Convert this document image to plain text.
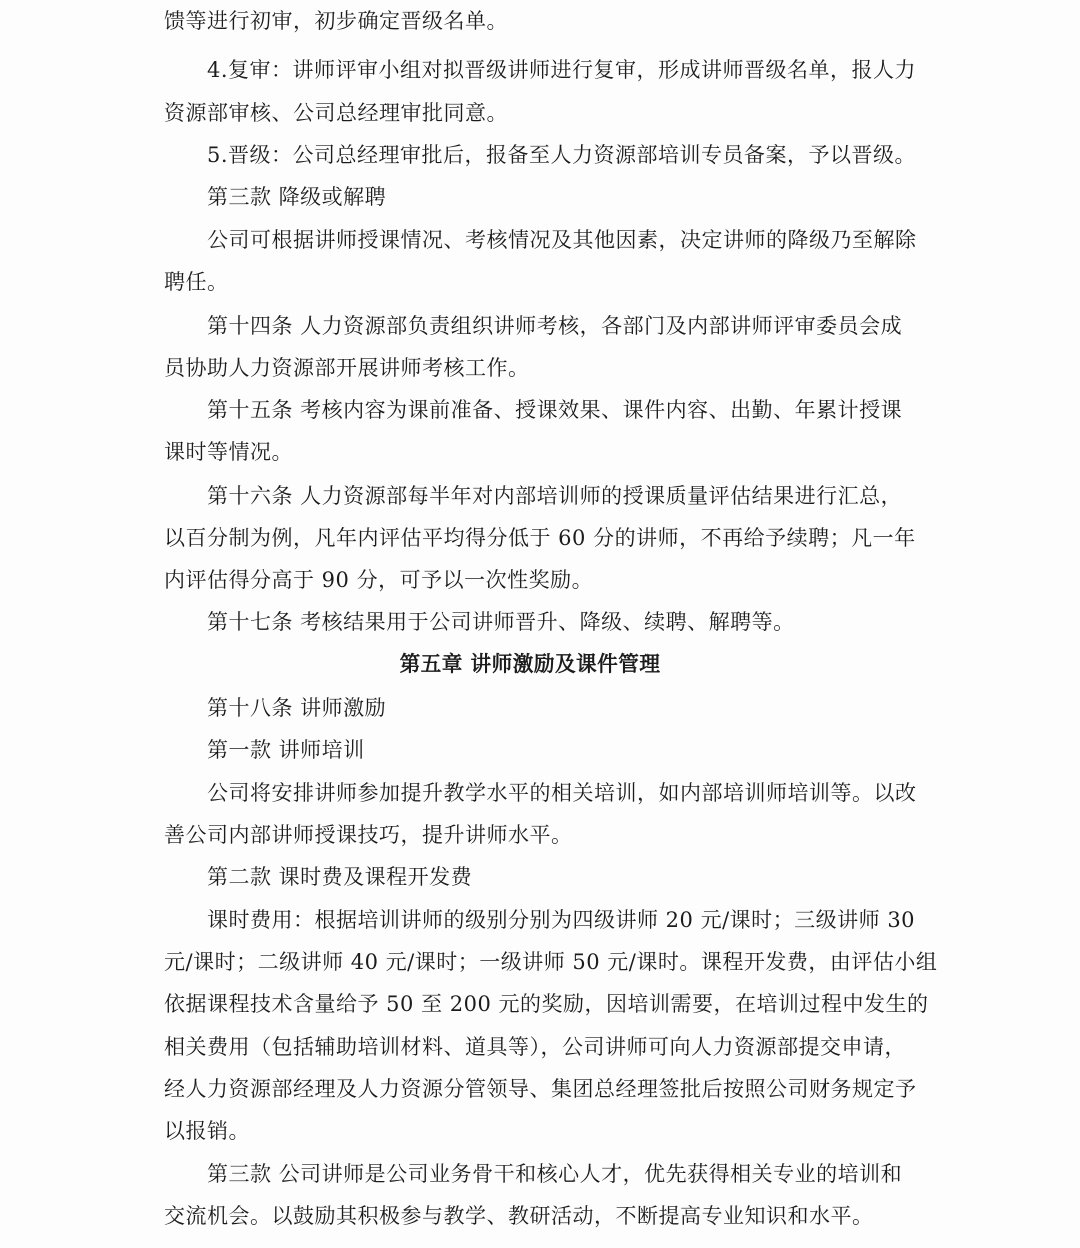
馈等进行初审，初步确定晋级名单。
4.复审：讲师评审小组对拟晋级讲师进行复审，形成讲师晋级名单，报人力
资源部审核、公司总经理审批同意。
5.晋级：公司总经理审批后，报备至人力资源部培训专员备案，予以晋级。
第三款 降级或解聘
公司可根据讲师授课情况、考核情况及其他因素，决定讲师的降级乃至解除
聘任。
第十四条 人力资源部负责组织讲师考核，各部门及内部讲师评审委员会成
员协助人力资源部开展讲师考核工作。
第十五条 考核内容为课前准备、授课效果、课件内容、出勤、年累计授课
课时等情况。
第十六条 人力资源部每半年对内部培训师的授课质量评估结果进行汇总，
以百分制为例，凡年内评估平均得分低于 60 分的讲师，不再给予续聘；凡一年
内评估得分高于 90 分，可予以一次性奖励。
第十七条 考核结果用于公司讲师晋升、降级、续聘、解聘等。
第五章 讲师激励及课件管理
第十八条 讲师激励
第一款 讲师培训
公司将安排讲师参加提升教学水平的相关培训，如内部培训师培训等。以改
善公司内部讲师授课技巧，提升讲师水平。
第二款 课时费及课程开发费
课时费用：根据培训讲师的级别分别为四级讲师 20 元/课时；三级讲师 30
元/课时；二级讲师 40 元/课时；一级讲师 50 元/课时。课程开发费，由评估小组
依据课程技术含量给予 50 至 200 元的奖励，因培训需要，在培训过程中发生的
相关费用（包括辅助培训材料、道具等），公司讲师可向人力资源部提交申请，
经人力资源部经理及人力资源分管领导、集团总经理签批后按照公司财务规定予
以报销。
第三款 公司讲师是公司业务骨干和核心人才，优先获得相关专业的培训和
交流机会。以鼓励其积极参与教学、教研活动，不断提高专业知识和水平。
